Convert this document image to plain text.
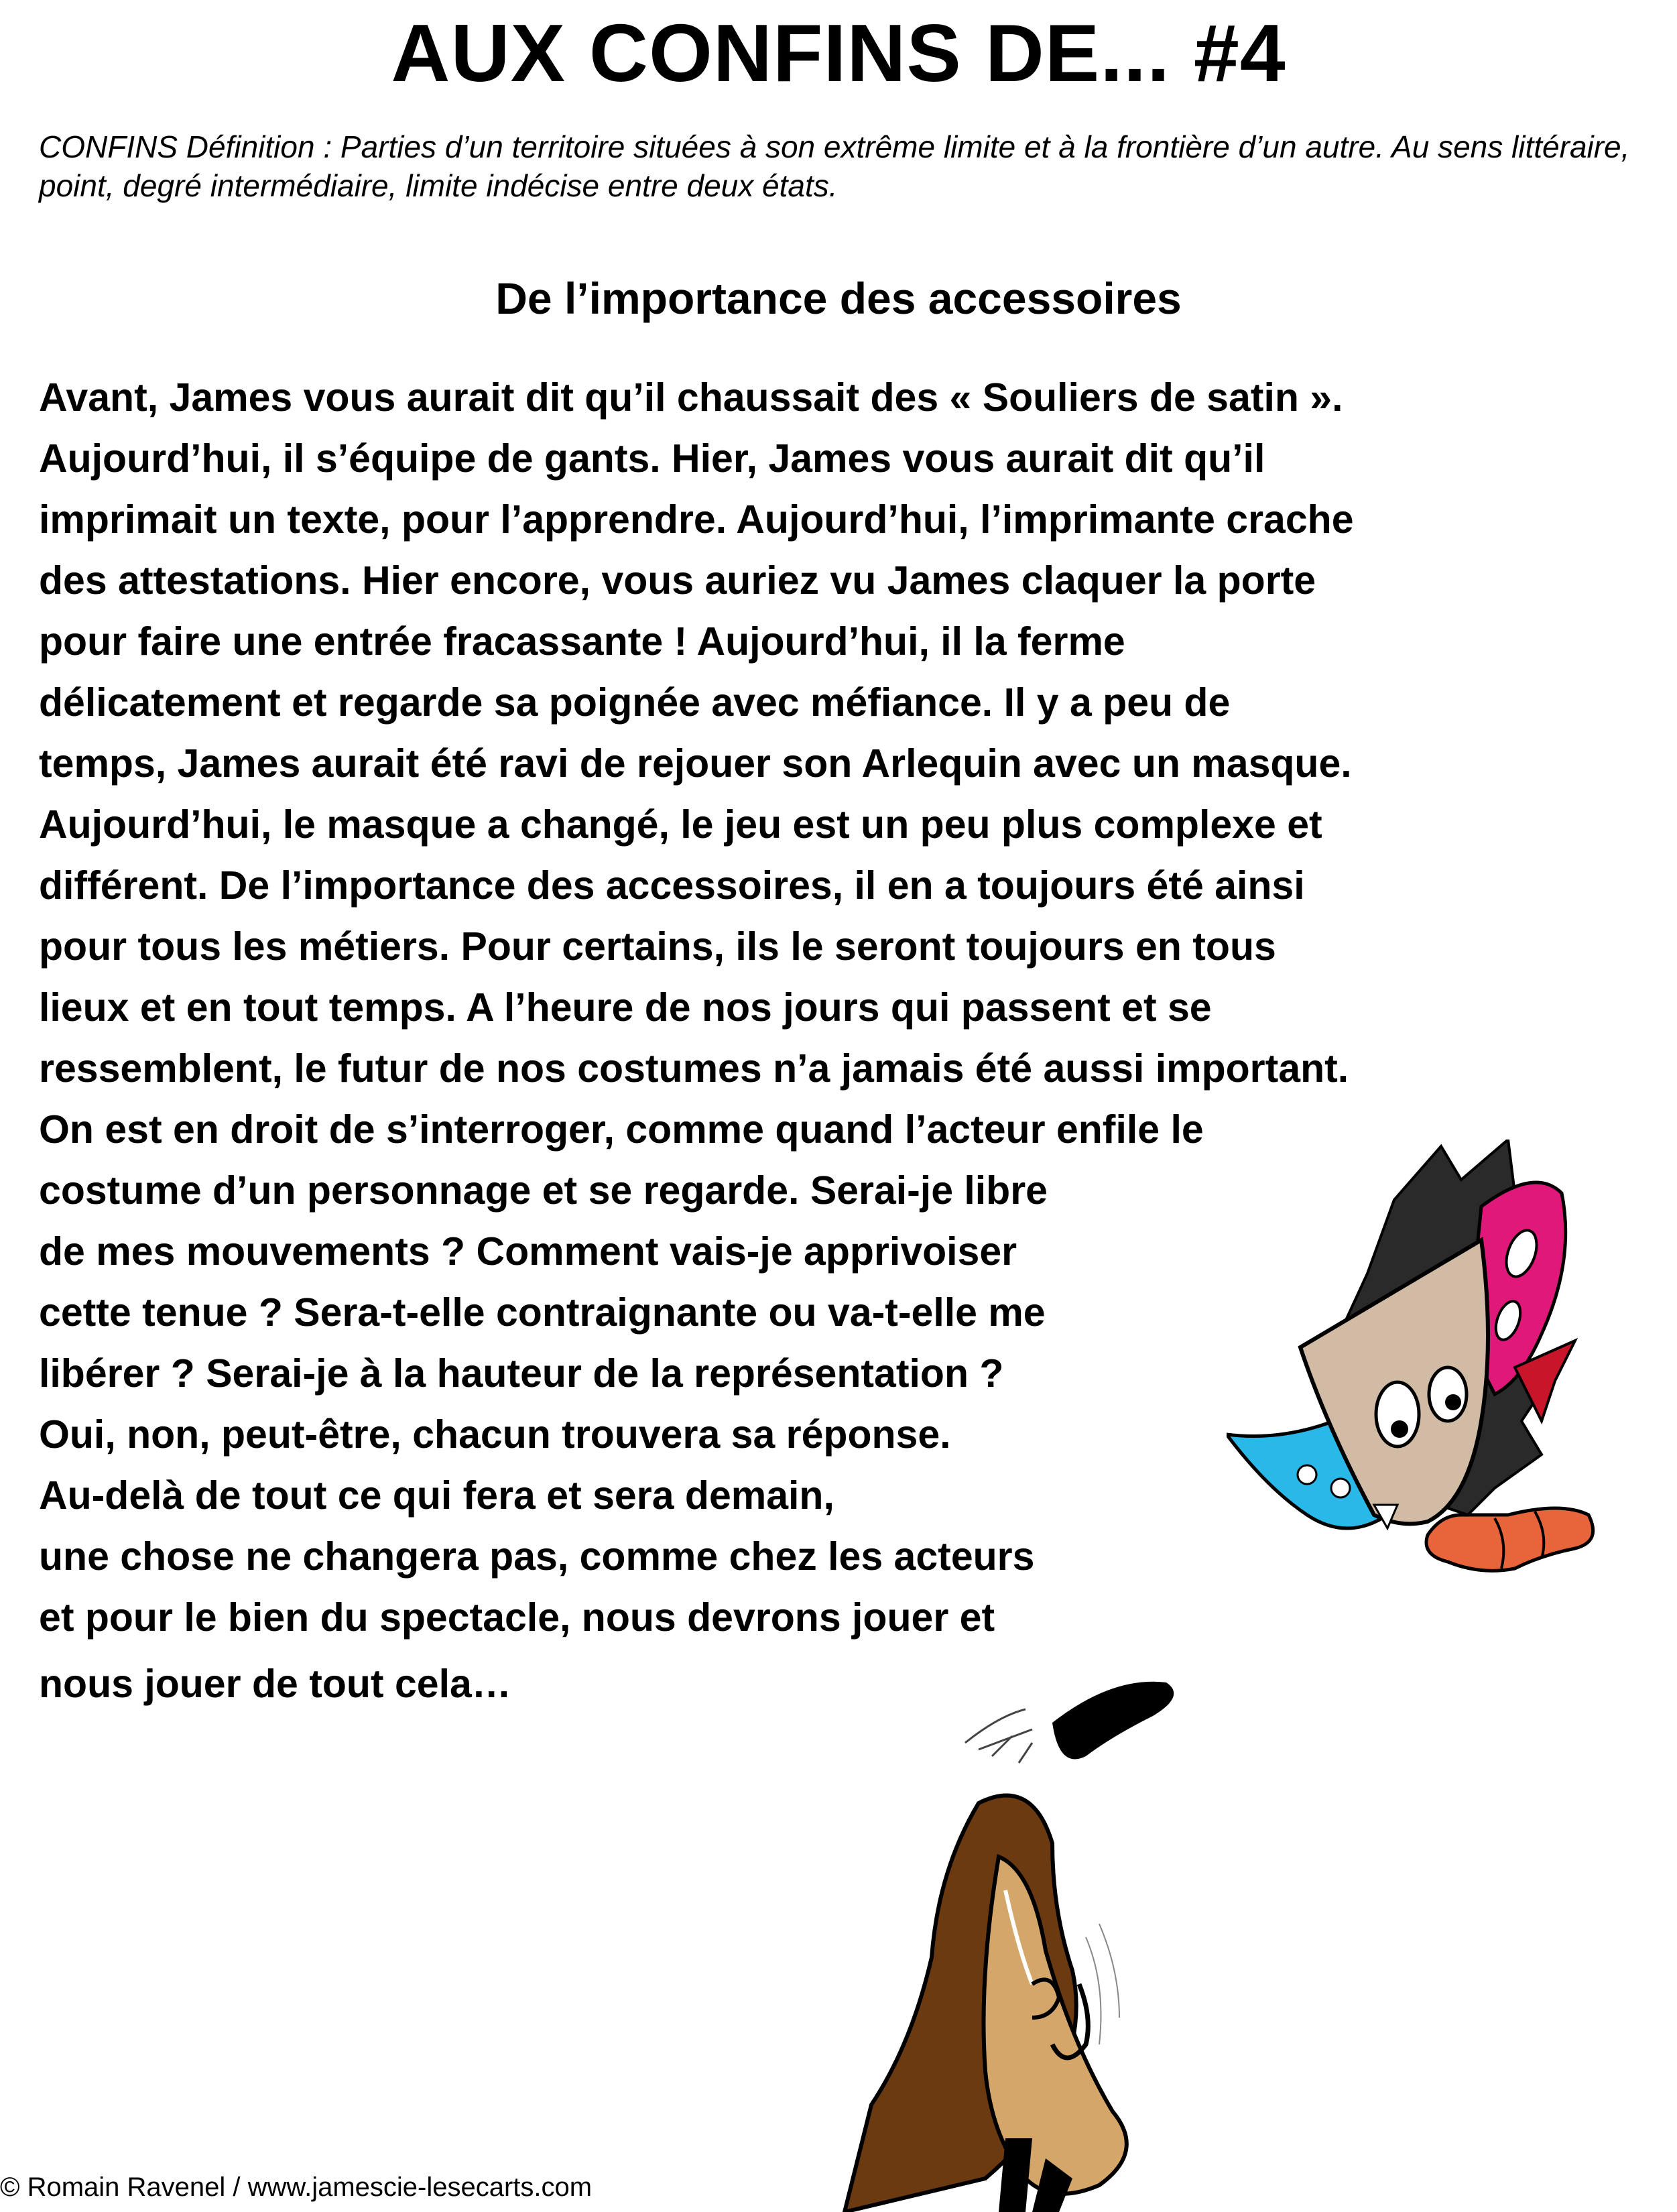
AUX CONFINS DE... #4

CONFINS Définition : Parties d’un territoire situées à son extrême limite et à la frontière d’un autre. Au sens littéraire, point, degré intermédiaire, limite indécise entre deux états.

De l’importance des accessoires
Avant, James vous aurait dit qu’il chaussait des « Souliers de satin ».
Aujourd’hui, il s’équipe de gants. Hier, James vous aurait dit qu’il
imprimait un texte, pour l’apprendre. Aujourd’hui, l’imprimante crache
des attestations. Hier encore, vous auriez vu James claquer la porte
pour faire une entrée fracassante ! Aujourd’hui, il la ferme
délicatement et regarde sa poignée avec méfiance. Il y a peu de
temps, James aurait été ravi de rejouer son Arlequin avec un masque.
Aujourd’hui, le masque a changé, le jeu est un peu plus complexe et
différent. De l’importance des accessoires, il en a toujours été ainsi
pour tous les métiers. Pour certains, ils le seront toujours en tous
lieux et en tout temps. A l’heure de nos jours qui passent et se
ressemblent, le futur de nos costumes n’a jamais été aussi important.
On est en droit de s’interroger, comme quand l’acteur enfile le
costume d’un personnage et se regarde. Serai-je libre
de mes mouvements ? Comment vais-je apprivoiser
cette tenue ? Sera-t-elle contraignante ou va-t-elle me
libérer ? Serai-je à la hauteur de la représentation ?
Oui, non, peut-être, chacun trouvera sa réponse.
Au-delà de tout ce qui fera et sera demain,
une chose ne changera pas, comme chez les acteurs
et pour le bien du spectacle, nous devrons jouer et
nous jouer de tout cela…
© Romain Ravenel / www.jamescie-lesecarts.com
